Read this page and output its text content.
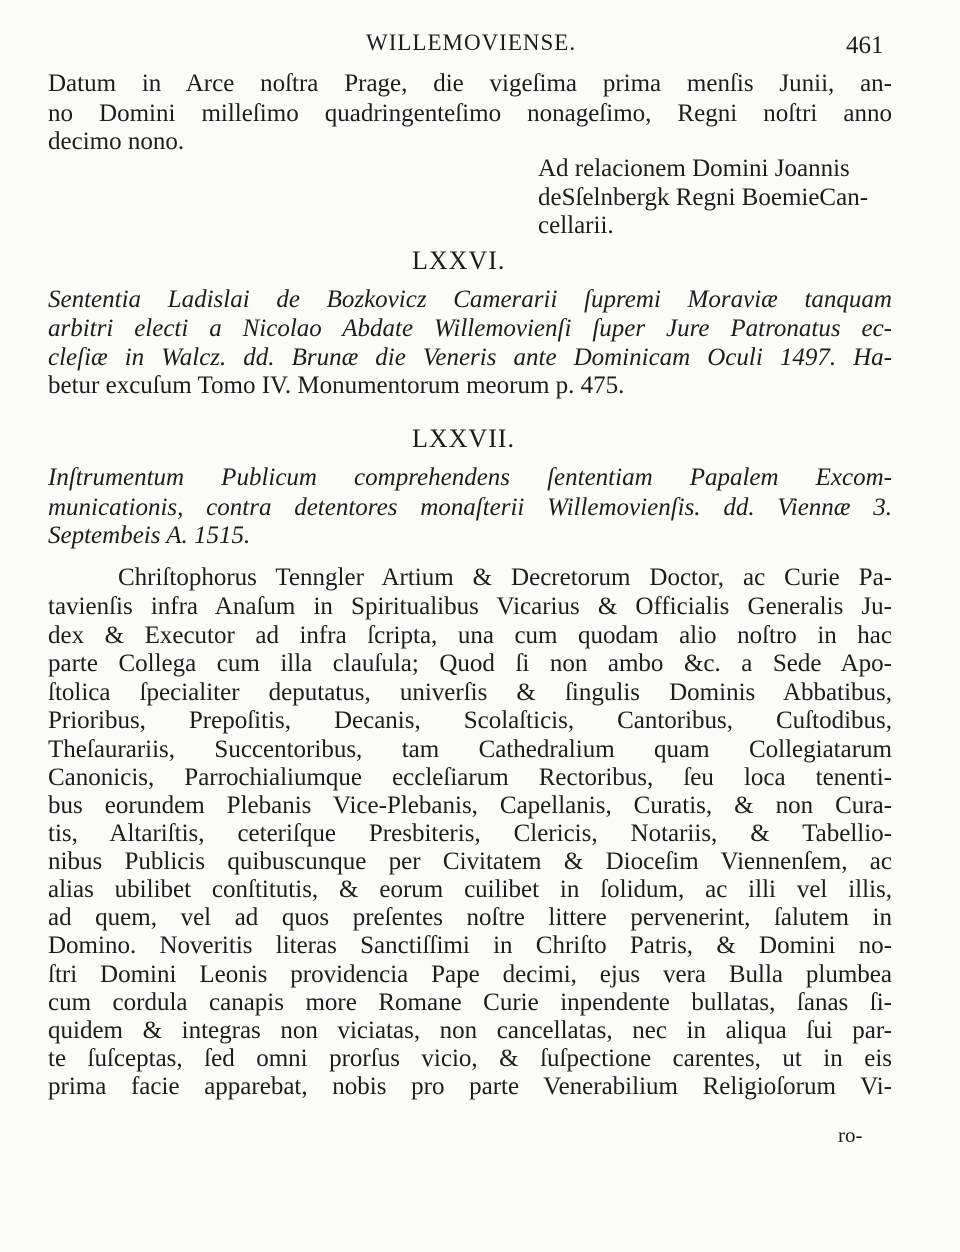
WILLEMOVIENSE.	461
Datum in Arce noſtra Prage, die vigeſima prima menſis Junii, an-
no Domini milleſimo quadringenteſimo nonageſimo, Regni noſtri anno
decimo nono.
Ad relacionem Domini Joannis
deSſelnbergk Regni BoemieCan-
cellarii.
LXXVI.
Sententia Ladislai de Bozkovicz Camerarii ſupremi Moraviæ tanquam
arbitri electi a Nicolao Abdate Willemovienſi ſuper Jure Patronatus ec-
cleſiæ in Walcz. dd. Brunæ die Veneris ante Dominicam Oculi 1497. Ha-
betur excuſum Tomo IV. Monumentorum meorum p. 475.
LXXVII.
Inſtrumentum Publicum comprehendens ſententiam Papalem Excom-
municationis, contra detentores monaſterii Willemovienſis. dd. Viennæ 3.
Septembeis A. 1515.
Chriſtophorus Tenngler Artium & Decretorum Doctor, ac Curie Pa-
tavienſis infra Anaſum in Spiritualibus Vicarius & Officialis Generalis Ju-
dex & Executor ad infra ſcripta, una cum quodam alio noſtro in hac
parte Collega cum illa clauſula; Quod ſi non ambo &c. a Sede Apo-
ſtolica ſpecialiter deputatus, univerſis & ſingulis Dominis Abbatibus,
Prioribus, Prepoſitis, Decanis, Scolaſticis, Cantoribus, Cuſtodibus,
Theſaurariis, Succentoribus, tam Cathedralium quam Collegiatarum
Canonicis, Parrochialiumque eccleſiarum Rectoribus, ſeu loca tenenti-
bus eorundem Plebanis Vice-Plebanis, Capellanis, Curatis, & non Cura-
tis, Altariſtis, ceteriſque Presbiteris, Clericis, Notariis, & Tabellio-
nibus Publicis quibuscunque per Civitatem & Dioceſim Viennenſem, ac
alias ubilibet conſtitutis, & eorum cuilibet in ſolidum, ac illi vel illis,
ad quem, vel ad quos preſentes noſtre littere pervenerint, ſalutem in
Domino. Noveritis literas Sanctiſſimi in Chriſto Patris, & Domini no-
ſtri Domini Leonis providencia Pape decimi, ejus vera Bulla plumbea
cum cordula canapis more Romane Curie inpendente bullatas, ſanas ſi-
quidem & integras non viciatas, non cancellatas, nec in aliqua ſui par-
te ſuſceptas, ſed omni prorſus vicio, & ſuſpectione carentes, ut in eis
prima facie apparebat, nobis pro parte Venerabilium Religioſorum Vi-
ro-
